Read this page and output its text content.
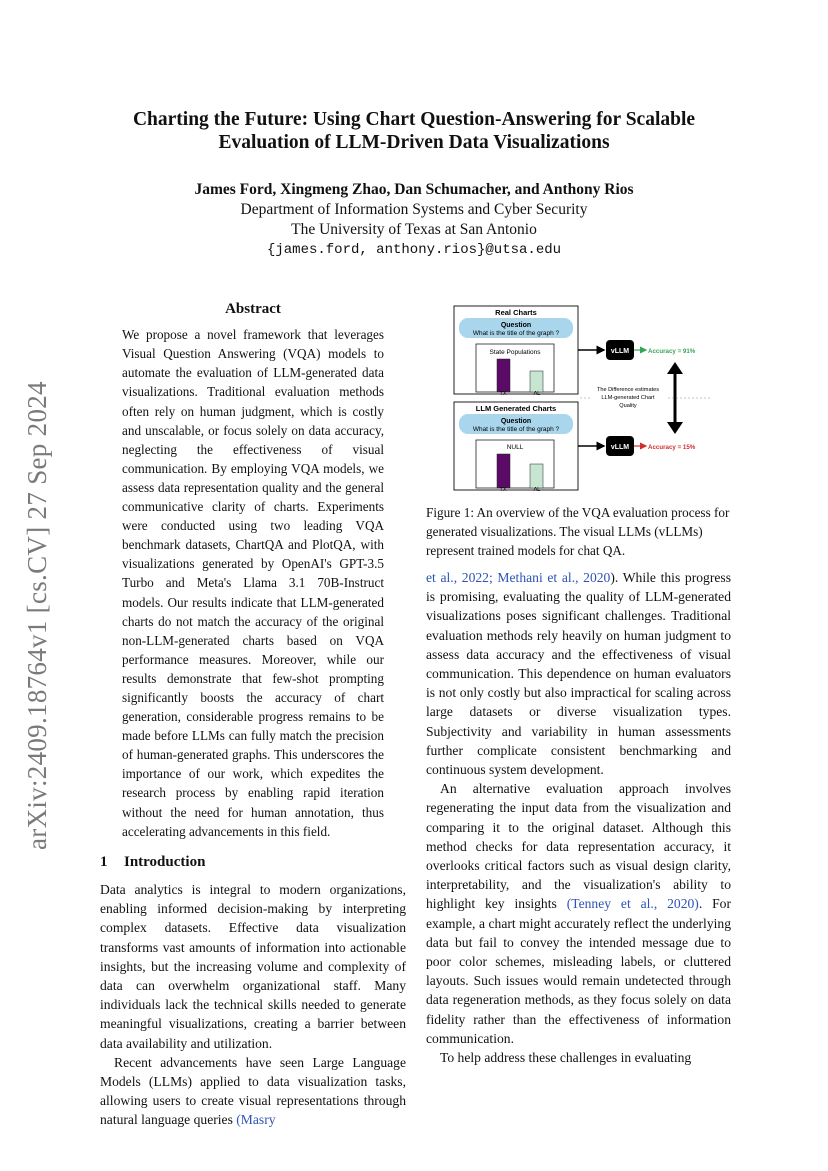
arXiv:2409.18764v1 [cs.CV] 27 Sep 2024
Charting the Future: Using Chart Question-Answering for Scalable
Evaluation of LLM-Driven Data Visualizations
James Ford, Xingmeng Zhao, Dan Schumacher, and Anthony Rios
Department of Information Systems and Cyber Security
The University of Texas at San Antonio
{james.ford, anthony.rios}@utsa.edu

Abstract

We propose a novel framework that leverages Visual Question Answering (VQA) models to automate the evaluation of LLM-generated data visualizations. Traditional evaluation methods often rely on human judgment, which is costly and unscalable, or focus solely on data accuracy, neglecting the effectiveness of visual communication. By employing VQA models, we assess data representation quality and the general communicative clarity of charts. Experiments were conducted using two leading VQA benchmark datasets, ChartQA and PlotQA, with visualizations generated by OpenAI's GPT-3.5 Turbo and Meta's Llama 3.1 70B-Instruct models. Our results indicate that LLM-generated charts do not match the accuracy of the original non-LLM-generated charts based on VQA performance measures. Moreover, while our results demonstrate that few-shot prompting significantly boosts the accuracy of chart generation, considerable progress remains to be made before LLMs can fully match the precision of human-generated graphs. This underscores the importance of our work, which expedites the research process by enabling rapid iteration without the need for human annotation, thus accelerating advancements in this field.

1 Introduction

Data analytics is integral to modern organizations, enabling informed decision-making by interpreting complex datasets. Effective data visualization transforms vast amounts of information into actionable insights, but the increasing volume and complexity of data can overwhelm organizational staff. Many individuals lack the technical skills needed to generate meaningful visualizations, creating a barrier between data availability and utilization.

Recent advancements have seen Large Language Models (LLMs) applied to data visualization tasks, allowing users to create visual representations through natural language queries (Masry

Real Charts
Question
What is the title of the graph ?
State Populations
TX	AL
LLM Generated Charts
Question
What is the title of the graph ?
NULL
TX	AL
vLLM
vLLM
Accuracy = 91%
Accuracy = 15%
The Difference estimates
LLM-generated Chart
Quality
Figure 1: An overview of the VQA evaluation process for generated visualizations. The visual LLMs (vLLMs) represent trained models for chat QA.

et al., 2022; Methani et al., 2020). While this progress is promising, evaluating the quality of LLM-generated visualizations poses significant challenges. Traditional evaluation methods rely heavily on human judgment to assess data accuracy and the effectiveness of visual communication. This dependence on human evaluators is not only costly but also impractical for scaling across large datasets or diverse visualization types. Subjectivity and variability in human assessments further complicate consistent benchmarking and continuous system development.

An alternative evaluation approach involves regenerating the input data from the visualization and comparing it to the original dataset. Although this method checks for data representation accuracy, it overlooks critical factors such as visual design clarity, interpretability, and the visualization's ability to highlight key insights (Tenney et al., 2020). For example, a chart might accurately reflect the underlying data but fail to convey the intended message due to poor color schemes, misleading labels, or cluttered layouts. Such issues would remain undetected through data regeneration methods, as they focus solely on data fidelity rather than the effectiveness of information communication.

To help address these challenges in evaluating
